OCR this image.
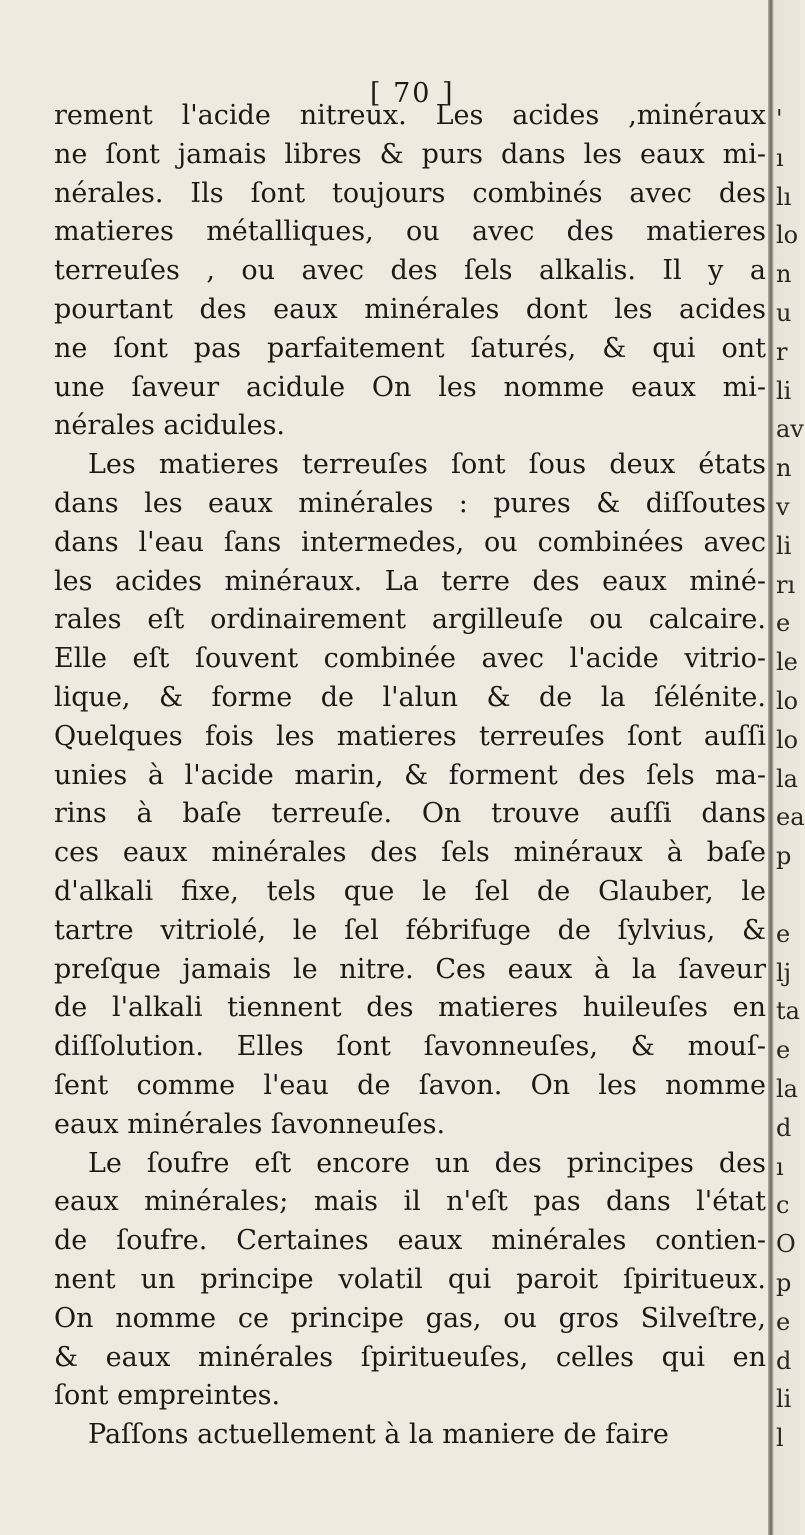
'
ı
lı
lo
n
u
r
li
av
n
v
li
rı
e
le
lo
lo
la
ea
p

e
lj
ta
e
la
d
ı
c
O
p
e
d
li
l
[ 70 ]
rement l'acide nitreux. Les acides ,minéraux
ne ſont jamais libres & purs dans les eaux mi-
nérales. Ils ſont toujours combinés avec des
matieres métalliques, ou avec des matieres
terreuſes , ou avec des ſels alkalis. Il y a
pourtant des eaux minérales dont les acides
ne ſont pas parfaitement ſaturés, & qui ont
une ſaveur acidule On les nomme eaux mi-
nérales acidules.
Les matieres terreuſes ſont ſous deux états
dans les eaux minérales : pures & diſſoutes
dans l'eau ſans intermedes, ou combinées avec
les acides minéraux. La terre des eaux miné-
rales eſt ordinairement argilleuſe ou calcaire.
Elle eſt ſouvent combinée avec l'acide vitrio-
lique, & forme de l'alun & de la ſélénite.
Quelques fois les matieres terreuſes ſont auſſi
unies à l'acide marin, & forment des ſels ma-
rins à baſe terreuſe. On trouve auſſi dans
ces eaux minérales des ſels minéraux à baſe
d'alkali fixe, tels que le ſel de Glauber, le
tartre vitriolé, le ſel fébrifuge de ſylvius, &
preſque jamais le nitre. Ces eaux à la ſaveur
de l'alkali tiennent des matieres huileuſes en
diſſolution. Elles ſont ſavonneuſes, & mouſ-
ſent comme l'eau de ſavon. On les nomme
eaux minérales ſavonneuſes.
Le ſoufre eſt encore un des principes des
eaux minérales; mais il n'eſt pas dans l'état
de ſoufre. Certaines eaux minérales contien-
nent un principe volatil qui paroit ſpiritueux.
On nomme ce principe gas, ou gros Silveſtre,
& eaux minérales ſpiritueuſes, celles qui en
ſont empreintes.
Paſſons actuellement à la maniere de faire
